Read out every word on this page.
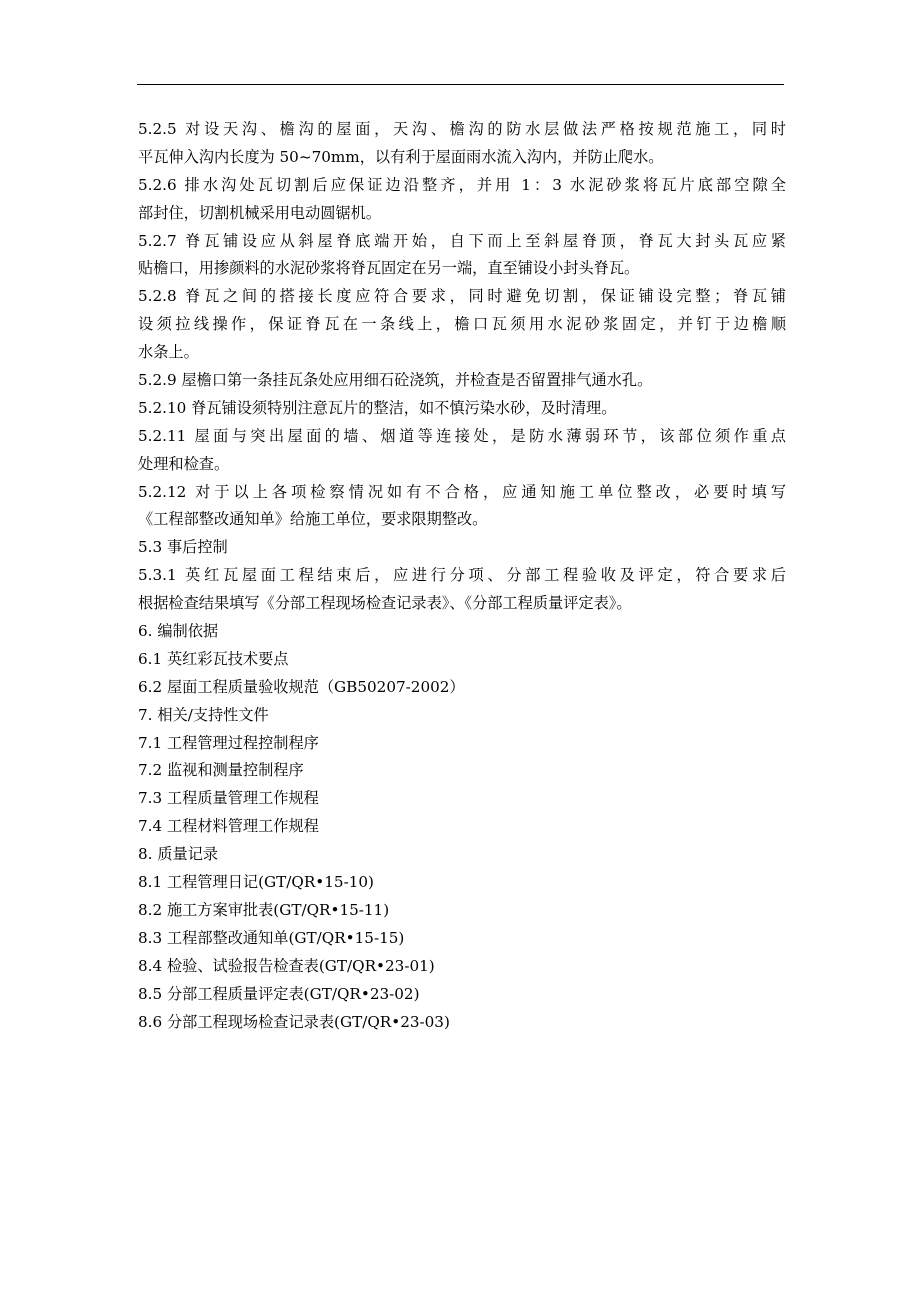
5.2.5 对设天沟、檐沟的屋面，天沟、檐沟的防水层做法严格按规范施工，同时
平瓦伸入沟内长度为 50~70mm，以有利于屋面雨水流入沟内，并防止爬水。
5.2.6 排水沟处瓦切割后应保证边沿整齐，并用 1：3 水泥砂浆将瓦片底部空隙全
部封住，切割机械采用电动圆锯机。
5.2.7 脊瓦铺设应从斜屋脊底端开始，自下而上至斜屋脊顶，脊瓦大封头瓦应紧
贴檐口，用掺颜料的水泥砂浆将脊瓦固定在另一端，直至铺设小封头脊瓦。
5.2.8 脊瓦之间的搭接长度应符合要求，同时避免切割，保证铺设完整；脊瓦铺
设须拉线操作，保证脊瓦在一条线上，檐口瓦须用水泥砂浆固定，并钉于边檐顺
水条上。
5.2.9 屋檐口第一条挂瓦条处应用细石砼浇筑，并检查是否留置排气通水孔。
5.2.10 脊瓦铺设须特别注意瓦片的整洁，如不慎污染水砂，及时清理。
5.2.11 屋面与突出屋面的墙、烟道等连接处，是防水薄弱环节，该部位须作重点
处理和检查。
5.2.12 对于以上各项检察情况如有不合格，应通知施工单位整改，必要时填写
《工程部整改通知单》给施工单位，要求限期整改。
5.3 事后控制
5.3.1 英红瓦屋面工程结束后，应进行分项、分部工程验收及评定，符合要求后
根据检查结果填写《分部工程现场检查记录表》、《分部工程质量评定表》。
6. 编制依据
6.1 英红彩瓦技术要点
6.2 屋面工程质量验收规范（GB50207-2002）
7. 相关/支持性文件
7.1 工程管理过程控制程序
7.2 监视和测量控制程序
7.3 工程质量管理工作规程
7.4 工程材料管理工作规程
8. 质量记录
8.1 工程管理日记(GT/QR•15-10)
8.2 施工方案审批表(GT/QR•15-11)
8.3 工程部整改通知单(GT/QR•15-15)
8.4 检验、试验报告检查表(GT/QR•23-01)
8.5 分部工程质量评定表(GT/QR•23-02)
8.6 分部工程现场检查记录表(GT/QR•23-03)
